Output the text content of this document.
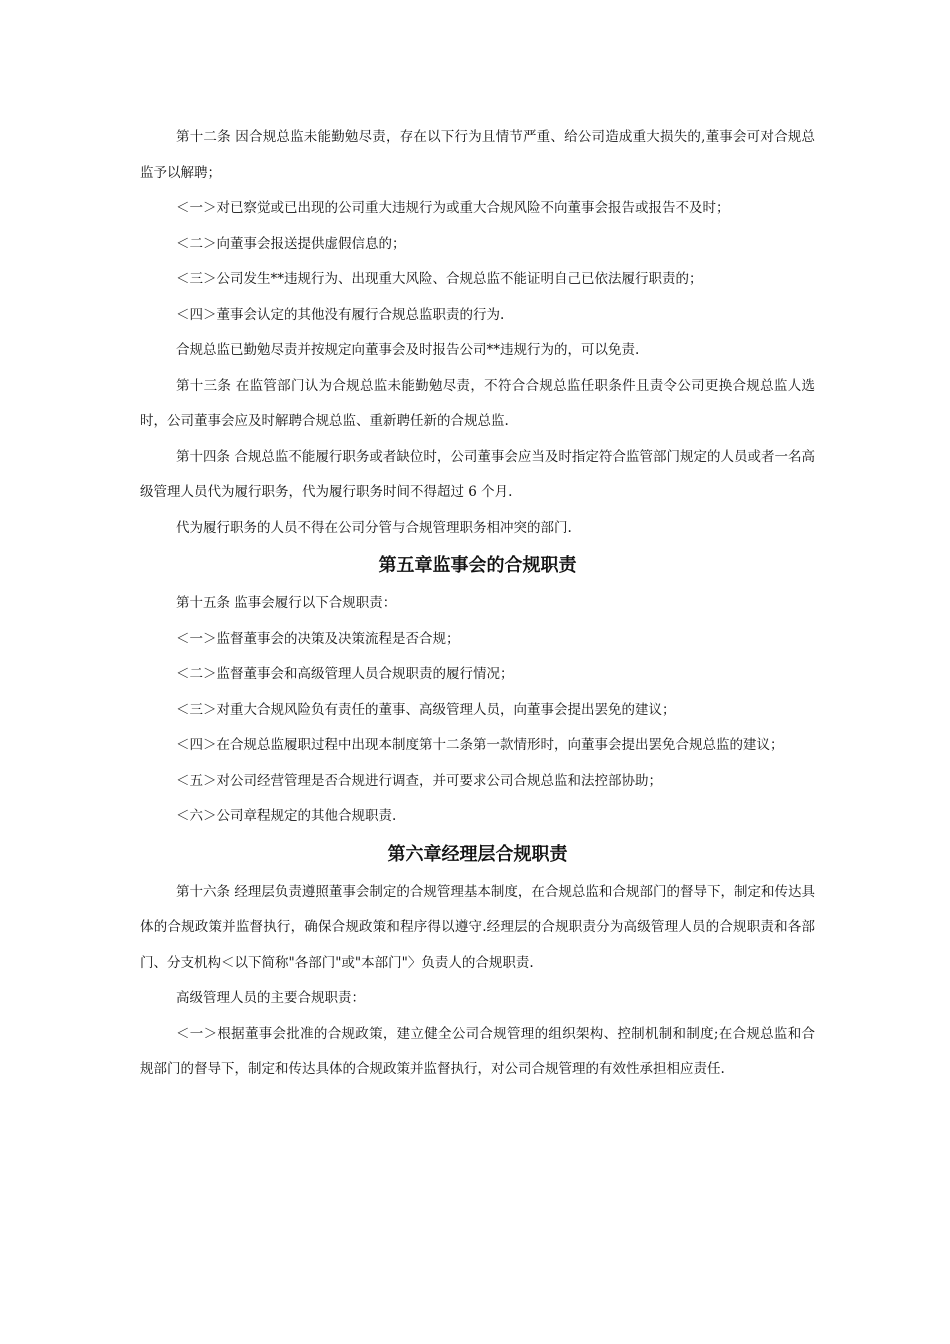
第十二条 因合规总监未能勤勉尽责，存在以下行为且情节严重、给公司造成重大损失的,董事会可对合规总监予以解聘；

＜一＞对已察觉或已出现的公司重大违规行为或重大合规风险不向董事会报告或报告不及时；

＜二＞向董事会报送提供虚假信息的；

＜三＞公司发生**违规行为、出现重大风险、合规总监不能证明自己已依法履行职责的；

＜四＞董事会认定的其他没有履行合规总监职责的行为.

合规总监已勤勉尽责并按规定向董事会及时报告公司**违规行为的，可以免责.

第十三条 在监管部门认为合规总监未能勤勉尽责，不符合合规总监任职条件且责令公司更换合规总监人选时，公司董事会应及时解聘合规总监、重新聘任新的合规总监.

第十四条 合规总监不能履行职务或者缺位时，公司董事会应当及时指定符合监管部门规定的人员或者一名高级管理人员代为履行职务，代为履行职务时间不得超过 6 个月.

代为履行职务的人员不得在公司分管与合规管理职务相冲突的部门.

第五章监事会的合规职责

第十五条 监事会履行以下合规职责：

＜一＞监督董事会的决策及决策流程是否合规；

＜二＞监督董事会和高级管理人员合规职责的履行情况；

＜三＞对重大合规风险负有责任的董事、高级管理人员，向董事会提出罢免的建议；

＜四＞在合规总监履职过程中出现本制度第十二条第一款情形时，向董事会提出罢免合规总监的建议；

＜五＞对公司经营管理是否合规进行调查，并可要求公司合规总监和法控部协助；

＜六＞公司章程规定的其他合规职责.

第六章经理层合规职责

第十六条 经理层负责遵照董事会制定的合规管理基本制度，在合规总监和合规部门的督导下，制定和传达具体的合规政策并监督执行，确保合规政策和程序得以遵守.经理层的合规职责分为高级管理人员的合规职责和各部门、分支机构＜以下简称"各部门"或"本部门"〉负责人的合规职责.

高级管理人员的主要合规职责：

＜一＞根据董事会批准的合规政策，建立健全公司合规管理的组织架构、控制机制和制度;在合规总监和合规部门的督导下，制定和传达具体的合规政策并监督执行，对公司合规管理的有效性承担相应责任.
